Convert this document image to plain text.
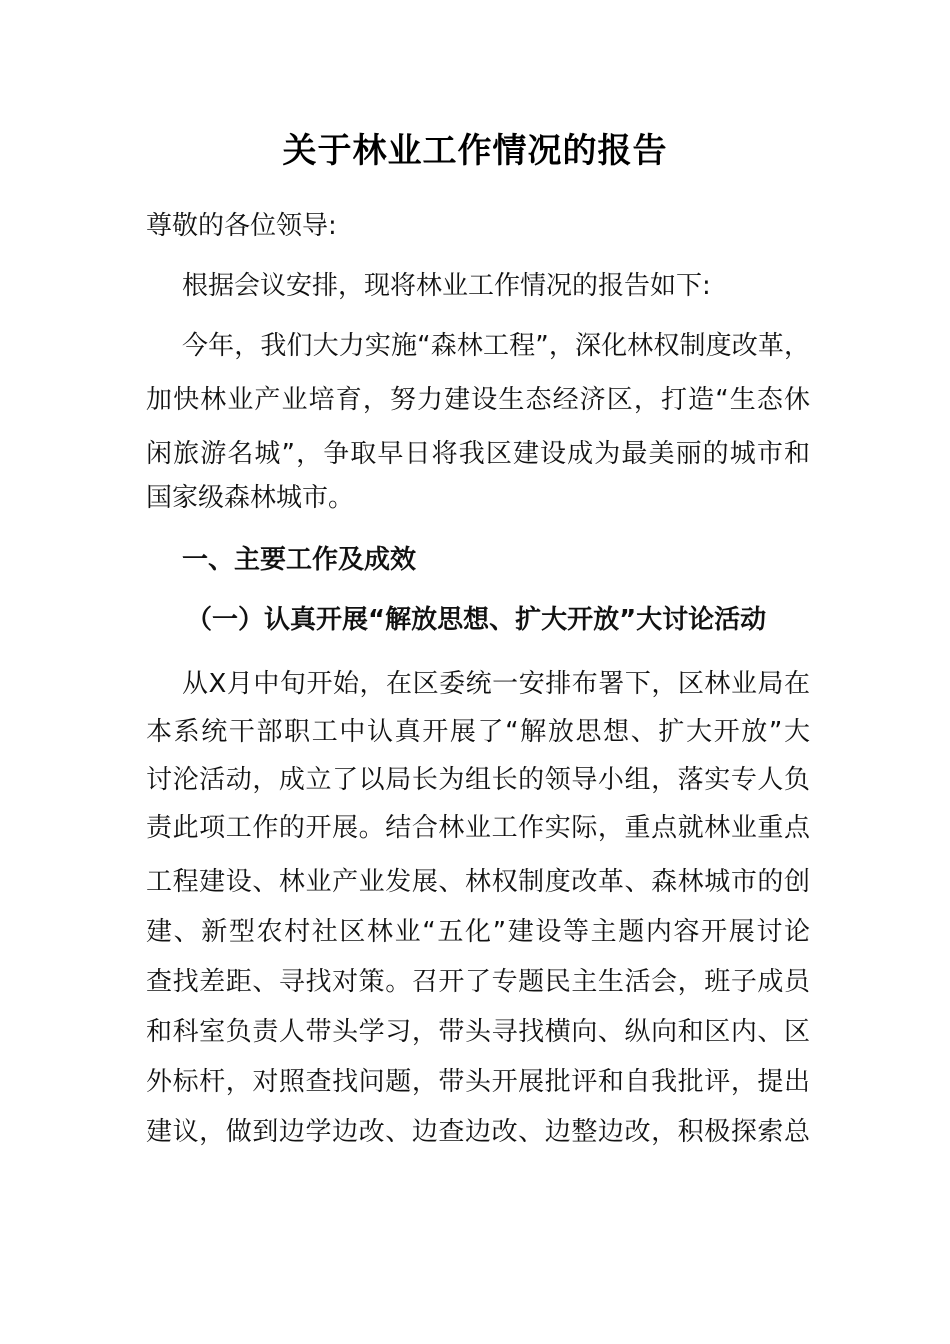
关于林业工作情况的报告
尊敬的各位领导:
根据会议安排，现将林业工作情况的报告如下:
今年，我们大力实施“森林工程”，深化林权制度改革，
加快林业产业培育，努力建设生态经济区，打造“生态休
闲旅游名城”，争取早日将我区建设成为最美丽的城市和
国家级森林城市。
一、主要工作及成效
（一）认真开展“解放思想、扩大开放”大讨论活动
从X月中旬开始，在区委统一安排布署下，区林业局在
本系统干部职工中认真开展了“解放思想、扩大开放”大
讨沦活动，成立了以局长为组长的领导小组，落实专人负
责此项工作的开展。结合林业工作实际，重点就林业重点
工程建设、林业产业发展、林权制度改革、森林城市的创
建、新型农村社区林业“五化”建设等主题内容开展讨论
查找差距、寻找对策。召开了专题民主生活会，班子成员
和科室负责人带头学习，带头寻找横向、纵向和区内、区
外标杆，对照查找问题，带头开展批评和自我批评，提出
建议，做到边学边改、边查边改、边整边改，积极探索总
